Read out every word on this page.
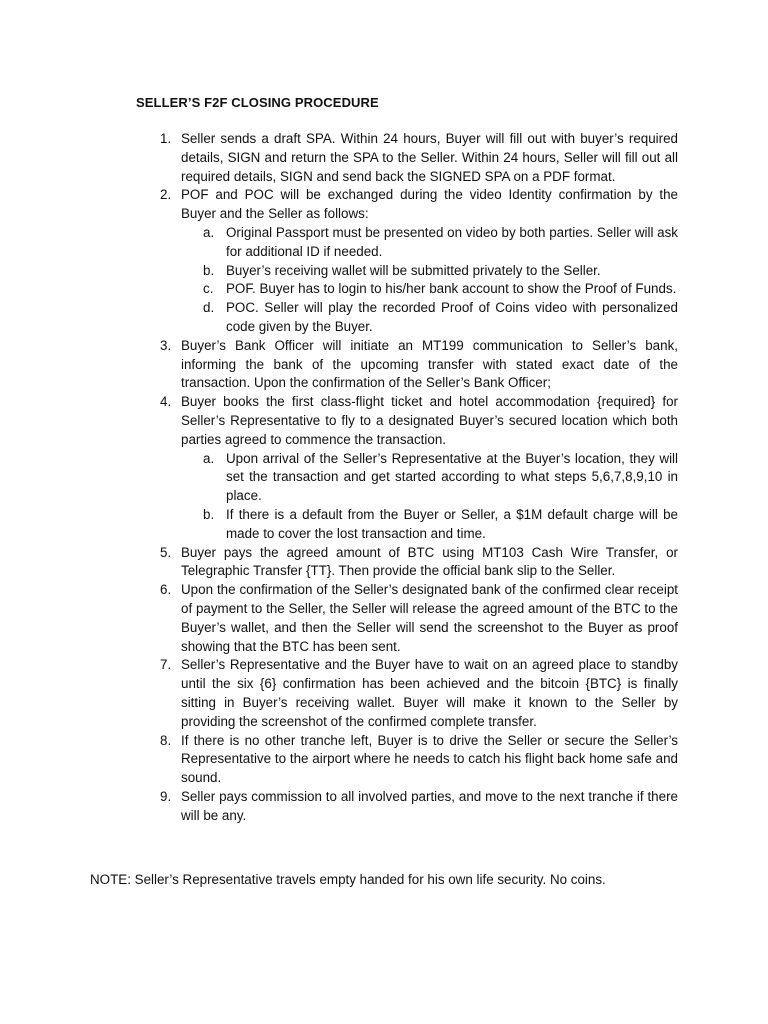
SELLER’S F2F CLOSING PROCEDURE
1. Seller sends a draft SPA. Within 24 hours, Buyer will fill out with buyer’s required details, SIGN and return the SPA to the Seller. Within 24 hours, Seller will fill out all required details, SIGN and send back the SIGNED SPA on a PDF format.
2. POF and POC will be exchanged during the video Identity confirmation by the Buyer and the Seller as follows:
a. Original Passport must be presented on video by both parties. Seller will ask for additional ID if needed.
b. Buyer’s receiving wallet will be submitted privately to the Seller.
c. POF. Buyer has to login to his/her bank account to show the Proof of Funds.
d. POC. Seller will play the recorded Proof of Coins video with personalized code given by the Buyer.
3. Buyer’s Bank Officer will initiate an MT199 communication to Seller’s bank, informing the bank of the upcoming transfer with stated exact date of the transaction. Upon the confirmation of the Seller’s Bank Officer;
4. Buyer books the first class-flight ticket and hotel accommodation {required} for Seller’s Representative to fly to a designated Buyer’s secured location which both parties agreed to commence the transaction.
a. Upon arrival of the Seller’s Representative at the Buyer’s location, they will set the transaction and get started according to what steps 5,6,7,8,9,10 in place.
b. If there is a default from the Buyer or Seller, a $1M default charge will be made to cover the lost transaction and time.
5. Buyer pays the agreed amount of BTC using MT103 Cash Wire Transfer, or Telegraphic Transfer {TT}. Then provide the official bank slip to the Seller.
6. Upon the confirmation of the Seller’s designated bank of the confirmed clear receipt of payment to the Seller, the Seller will release the agreed amount of the BTC to the Buyer’s wallet, and then the Seller will send the screenshot to the Buyer as proof showing that the BTC has been sent.
7. Seller’s Representative and the Buyer have to wait on an agreed place to standby until the six {6} confirmation has been achieved and the bitcoin {BTC} is finally sitting in Buyer’s receiving wallet. Buyer will make it known to the Seller by providing the screenshot of the confirmed complete transfer.
8. If there is no other tranche left, Buyer is to drive the Seller or secure the Seller’s Representative to the airport where he needs to catch his flight back home safe and sound.
9. Seller pays commission to all involved parties, and move to the next tranche if there will be any.
NOTE: Seller’s Representative travels empty handed for his own life security. No coins.
